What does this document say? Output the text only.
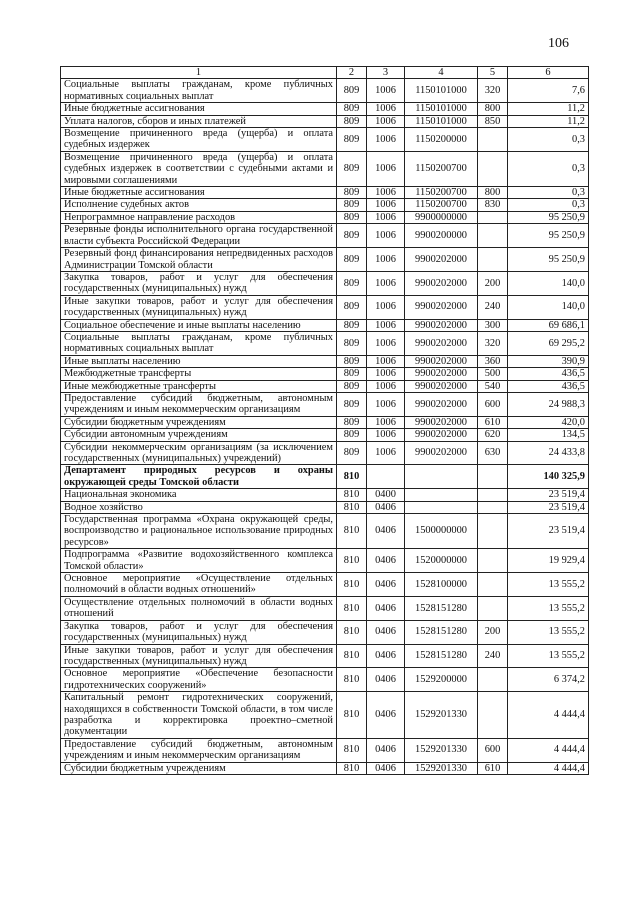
106
1	2	3	4	5	6
Социальные выплаты гражданам, кроме публичных нормативных социальных выплат	809	1006	1150101000	320	7,6
Иные бюджетные ассигнования	809	1006	1150101000	800	11,2
Уплата налогов, сборов и иных платежей	809	1006	1150101000	850	11,2
Возмещение причиненного вреда (ущерба) и оплата судебных издержек	809	1006	1150200000		0,3
Возмещение причиненного вреда (ущерба) и оплата судебных издержек в соответствии с судебными актами и мировыми соглашениями	809	1006	1150200700		0,3
Иные бюджетные ассигнования	809	1006	1150200700	800	0,3
Исполнение судебных актов	809	1006	1150200700	830	0,3
Непрограммное направление расходов	809	1006	9900000000		95 250,9
Резервные фонды исполнительного органа государственной власти субъекта Российской Федерации	809	1006	9900200000		95 250,9
Резервный фонд финансирования непредвиденных расходов Администрации Томской области	809	1006	9900202000		95 250,9
Закупка товаров, работ и услуг для обеспечения государственных (муниципальных) нужд	809	1006	9900202000	200	140,0
Иные закупки товаров, работ и услуг для обеспечения государственных (муниципальных) нужд	809	1006	9900202000	240	140,0
Социальное обеспечение и иные выплаты населению	809	1006	9900202000	300	69 686,1
Социальные выплаты гражданам, кроме публичных нормативных социальных выплат	809	1006	9900202000	320	69 295,2
Иные выплаты населению	809	1006	9900202000	360	390,9
Межбюджетные трансферты	809	1006	9900202000	500	436,5
Иные межбюджетные трансферты	809	1006	9900202000	540	436,5
Предоставление субсидий бюджетным, автономным учреждениям и иным некоммерческим организациям	809	1006	9900202000	600	24 988,3
Субсидии бюджетным учреждениям	809	1006	9900202000	610	420,0
Субсидии автономным учреждениям	809	1006	9900202000	620	134,5
Субсидии некоммерческим организациям (за исключением государственных (муниципальных) учреждений)	809	1006	9900202000	630	24 433,8
Департамент природных ресурсов и охраны окружающей среды Томской области	810				140 325,9
Национальная экономика	810	0400			23 519,4
Водное хозяйство	810	0406			23 519,4
Государственная программа «Охрана окружающей среды, воспроизводство и рациональное использование природных ресурсов»	810	0406	1500000000		23 519,4
Подпрограмма «Развитие водохозяйственного комплекса Томской области»	810	0406	1520000000		19 929,4
Основное мероприятие «Осуществление отдельных полномочий в области водных отношений»	810	0406	1528100000		13 555,2
Осуществление отдельных полномочий в области водных отношений	810	0406	1528151280		13 555,2
Закупка товаров, работ и услуг для обеспечения государственных (муниципальных) нужд	810	0406	1528151280	200	13 555,2
Иные закупки товаров, работ и услуг для обеспечения государственных (муниципальных) нужд	810	0406	1528151280	240	13 555,2
Основное мероприятие «Обеспечение безопасности гидротехнических сооружений»	810	0406	1529200000		6 374,2
Капитальный ремонт гидротехнических сооружений, находящихся в собственности Томской области, в том числе разработка и корректировка проектно–сметной документации	810	0406	1529201330		4 444,4
Предоставление субсидий бюджетным, автономным учреждениям и иным некоммерческим организациям	810	0406	1529201330	600	4 444,4
Субсидии бюджетным учреждениям	810	0406	1529201330	610	4 444,4
